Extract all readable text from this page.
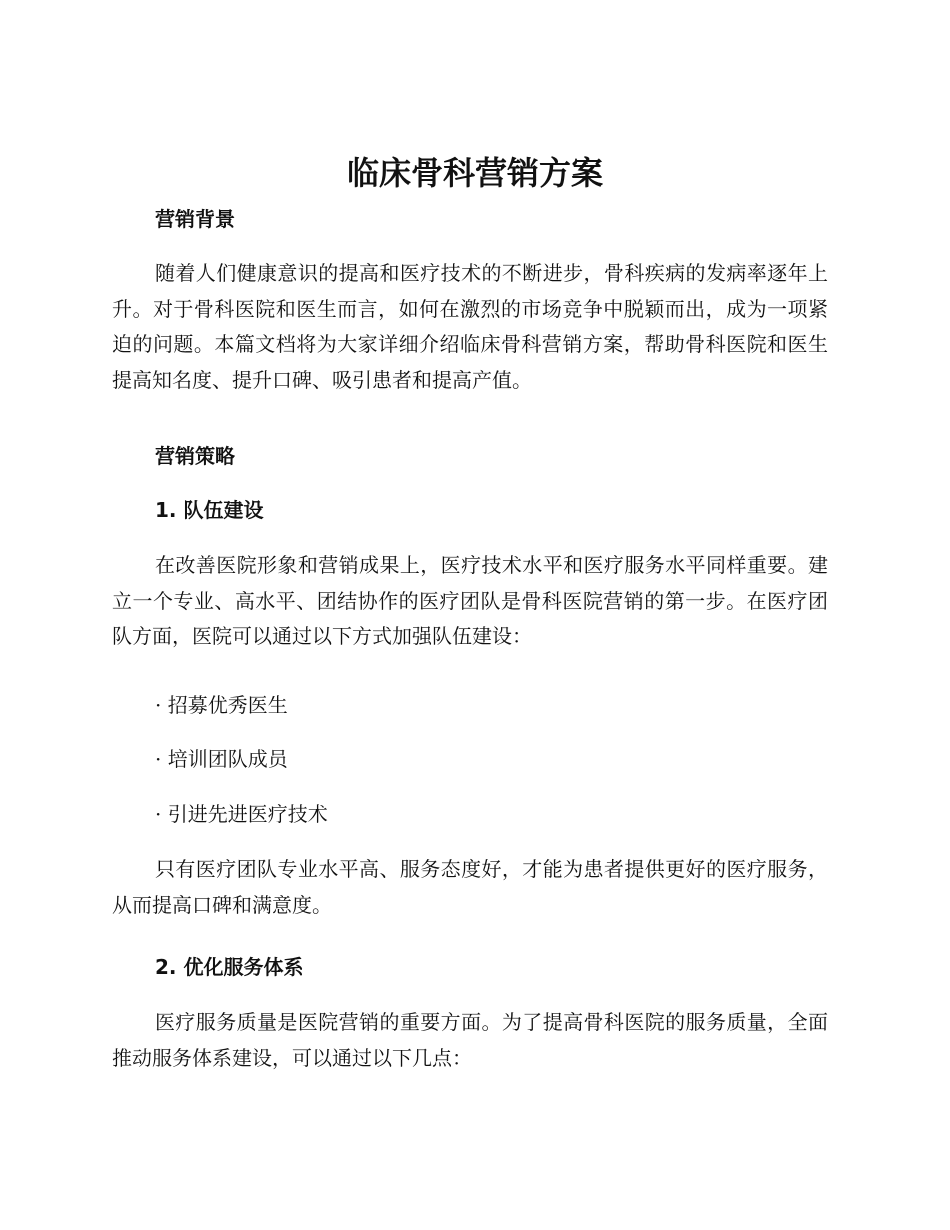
临床骨科营销方案
营销背景

随着人们健康意识的提高和医疗技术的不断进步，骨科疾病的发病率逐年上升。对于骨科医院和医生而言，如何在激烈的市场竞争中脱颖而出，成为一项紧迫的问题。本篇文档将为大家详细介绍临床骨科营销方案，帮助骨科医院和医生提高知名度、提升口碑、吸引患者和提高产值。

营销策略
1. 队伍建设

在改善医院形象和营销成果上，医疗技术水平和医疗服务水平同样重要。建立一个专业、高水平、团结协作的医疗团队是骨科医院营销的第一步。在医疗团队方面，医院可以通过以下方式加强队伍建设：

· 招募优秀医生

· 培训团队成员

· 引进先进医疗技术

只有医疗团队专业水平高、服务态度好，才能为患者提供更好的医疗服务，从而提高口碑和满意度。

2. 优化服务体系

医疗服务质量是医院营销的重要方面。为了提高骨科医院的服务质量，全面推动服务体系建设，可以通过以下几点：
